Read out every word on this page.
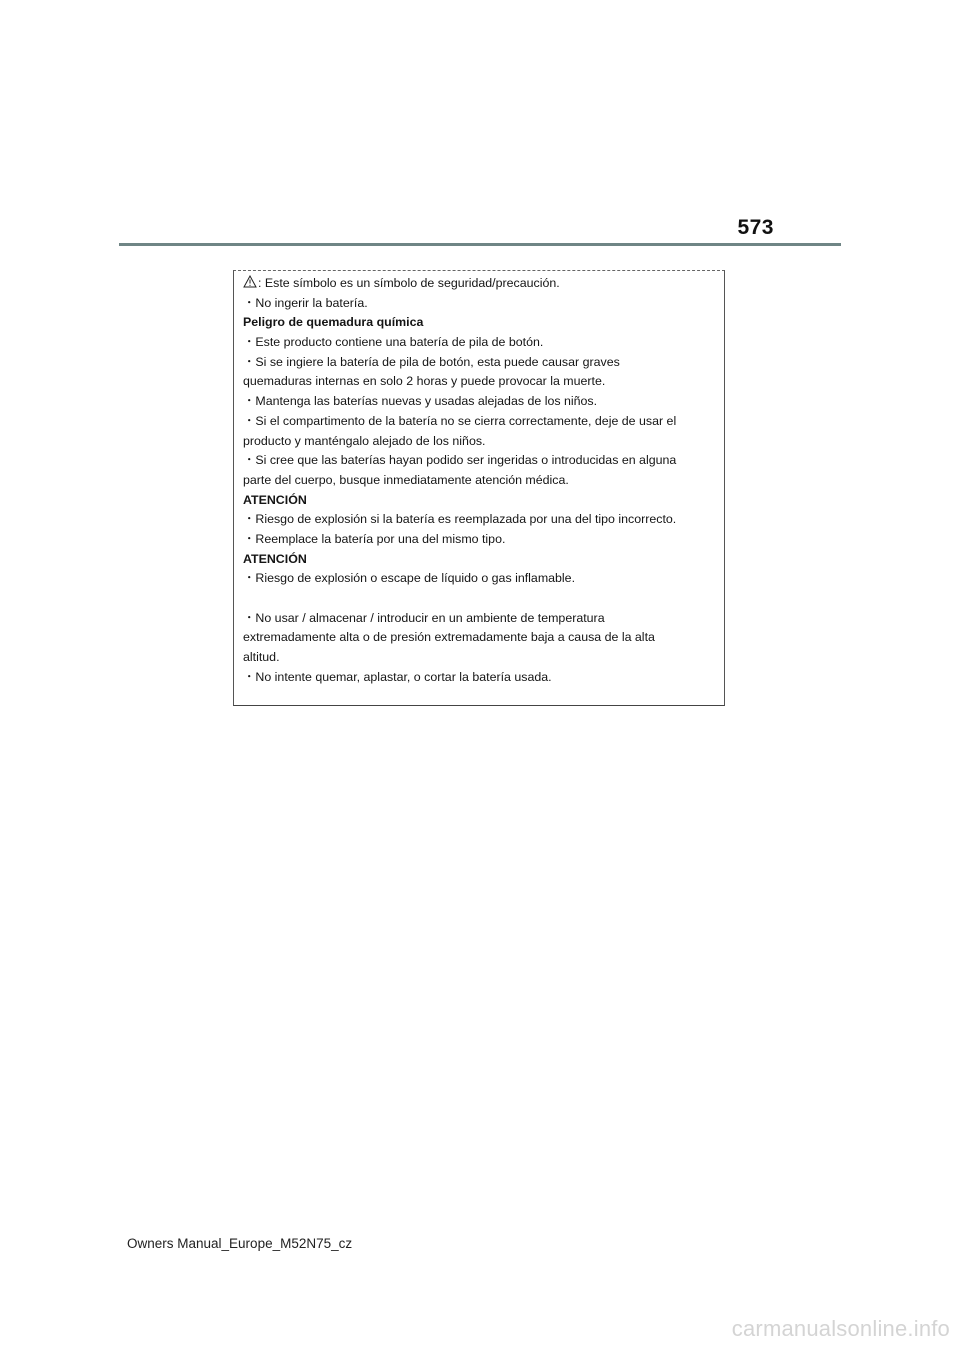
573
: Este símbolo es un símbolo de seguridad/precaución.
・No ingerir la batería.
Peligro de quemadura química
・Este producto contiene una batería de pila de botón.
・Si se ingiere la batería de pila de botón, esta puede causar graves
quemaduras internas en solo 2 horas y puede provocar la muerte.
・Mantenga las baterías nuevas y usadas alejadas de los niños.
・Si el compartimento de la batería no se cierra correctamente, deje de usar el
producto y manténgalo alejado de los niños.
・Si cree que las baterías hayan podido ser ingeridas o introducidas en alguna
parte del cuerpo, busque inmediatamente atención médica.
ATENCIÓN
・Riesgo de explosión si la batería es reemplazada por una del tipo incorrecto.
・Reemplace la batería por una del mismo tipo.
ATENCIÓN
・Riesgo de explosión o escape de líquido o gas inflamable.
・No usar / almacenar / introducir en un ambiente de temperatura
extremadamente alta o de presión extremadamente baja a causa de la alta
altitud.
・No intente quemar, aplastar, o cortar la batería usada.
Owners Manual_Europe_M52N75_cz
carmanualsonline.info
